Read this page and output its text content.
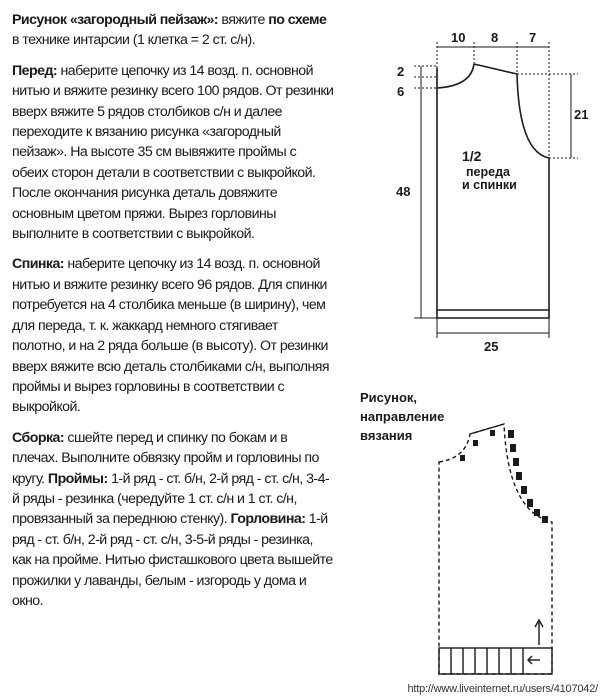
Рисунок «загородный пейзаж»: вяжите по схеме в технике интарсии (1 клетка = 2 ст. с/н).

Перед: наберите цепочку из 14 возд. п. основной нитью и вяжите резинку всего 100 рядов. От резинки вверх вяжите 5 рядов столбиков с/н и далее переходите к вязанию рисунка «загородный пейзаж». На высоте 35 см вывяжите проймы с обеих сторон детали в соответствии с выкройкой. После окончания рисунка деталь довяжите основным цветом пряжи. Вырез горловины выполните в соответствии с выкройкой.

Спинка: наберите цепочку из 14 возд. п. основной нитью и вяжите резинку всего 96 рядов. Для спинки потребуется на 4 столбика меньше (в ширину), чем для переда, т. к. жаккард немного стягивает полотно, и на 2 ряда больше (в высоту). От резинки вверх вяжите всю деталь столбиками с/н, выполняя проймы и вырез горловины в соответствии с выкройкой.

Сборка: сшейте перед и спинку по бокам и в плечах. Выполните обвязку пройм и горловины по кругу. Проймы: 1-й ряд - ст. б/н, 2-й ряд - ст. с/н, 3-4-й ряды - резинка (чередуйте 1 ст. с/н и 1 ст. с/н, провязанный за переднюю стенку). Горловина: 1-й ряд - ст. б/н, 2-й ряд - ст. с/н, 3-5-й ряды - резинка, как на пройме. Нитью фисташкового цвета вышейте прожилки у лаванды, белым - изгородь у дома и окно.

10 8 7
2
6
21
48
25
1/2
переда
и спинки
Рисунок,
направление
вязания
http://www.liveinternet.ru/users/4107042/
